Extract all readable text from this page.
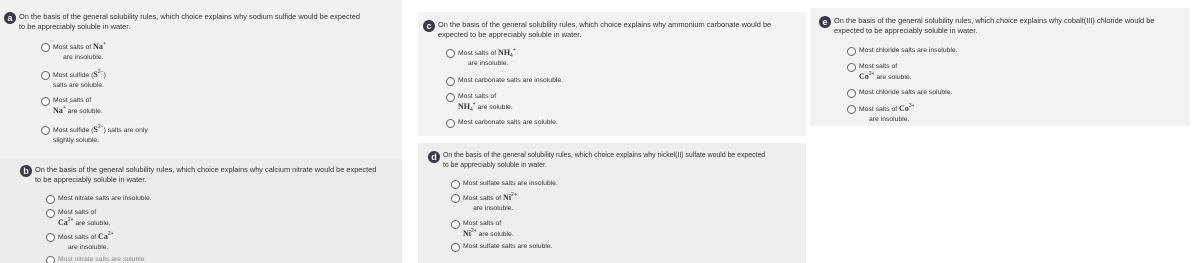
a On the basis of the general solubility rules, which choice explains why sodium sulfide would be expected
to be appreciably soluble in water.
Most salts of Na+
are insoluble.
Most sulfide $(S^{2-})$
salts are soluble.
Most salts of
Na+ are soluble.
Most sulfide $(S^{2-})$ salts are only
slightly soluble.
b On the basis of the general solubility rules, which choice explains why calcium nitrate would be expected
to be appreciably soluble in water.
Most nitrate salts are insoluble.
Most salts of
$Ca^{2+}$ are soluble.
Most salts of $Ca^{2+}$
are insoluble.
Most nitrate salts are soluble
c On the basis of the general solubility rules, which choice explains why ammonium carbonate would be
expected to be appreciably soluble in water.
Most salts of $NH_4^+$
are insoluble.
Most carbonate salts are insoluble.
Most salts of
$NH_4^+$ are soluble.
Most carbonate salts are soluble.
d On the basis of the general solubility rules, which choice explains why nickel(II) sulfate would be expected
to be appreciably soluble in water.
Most sulfate salts are insoluble.
Most salts of $Ni^{2+}$
are insoluble.
Most salts of
$Ni^{2+}$ are soluble.
Most sulfate salts are soluble.
e On the basis of the general solubility rules, which choice explains why cobalt(III) chloride would be
expected to be appreciably soluble in water.
Most chloride salts are insoluble.
Most salts of
$Co^{3+}$ are soluble.
Most chloride salts are soluble.
Most salts of $Co^{3+}$
are insoluble.
